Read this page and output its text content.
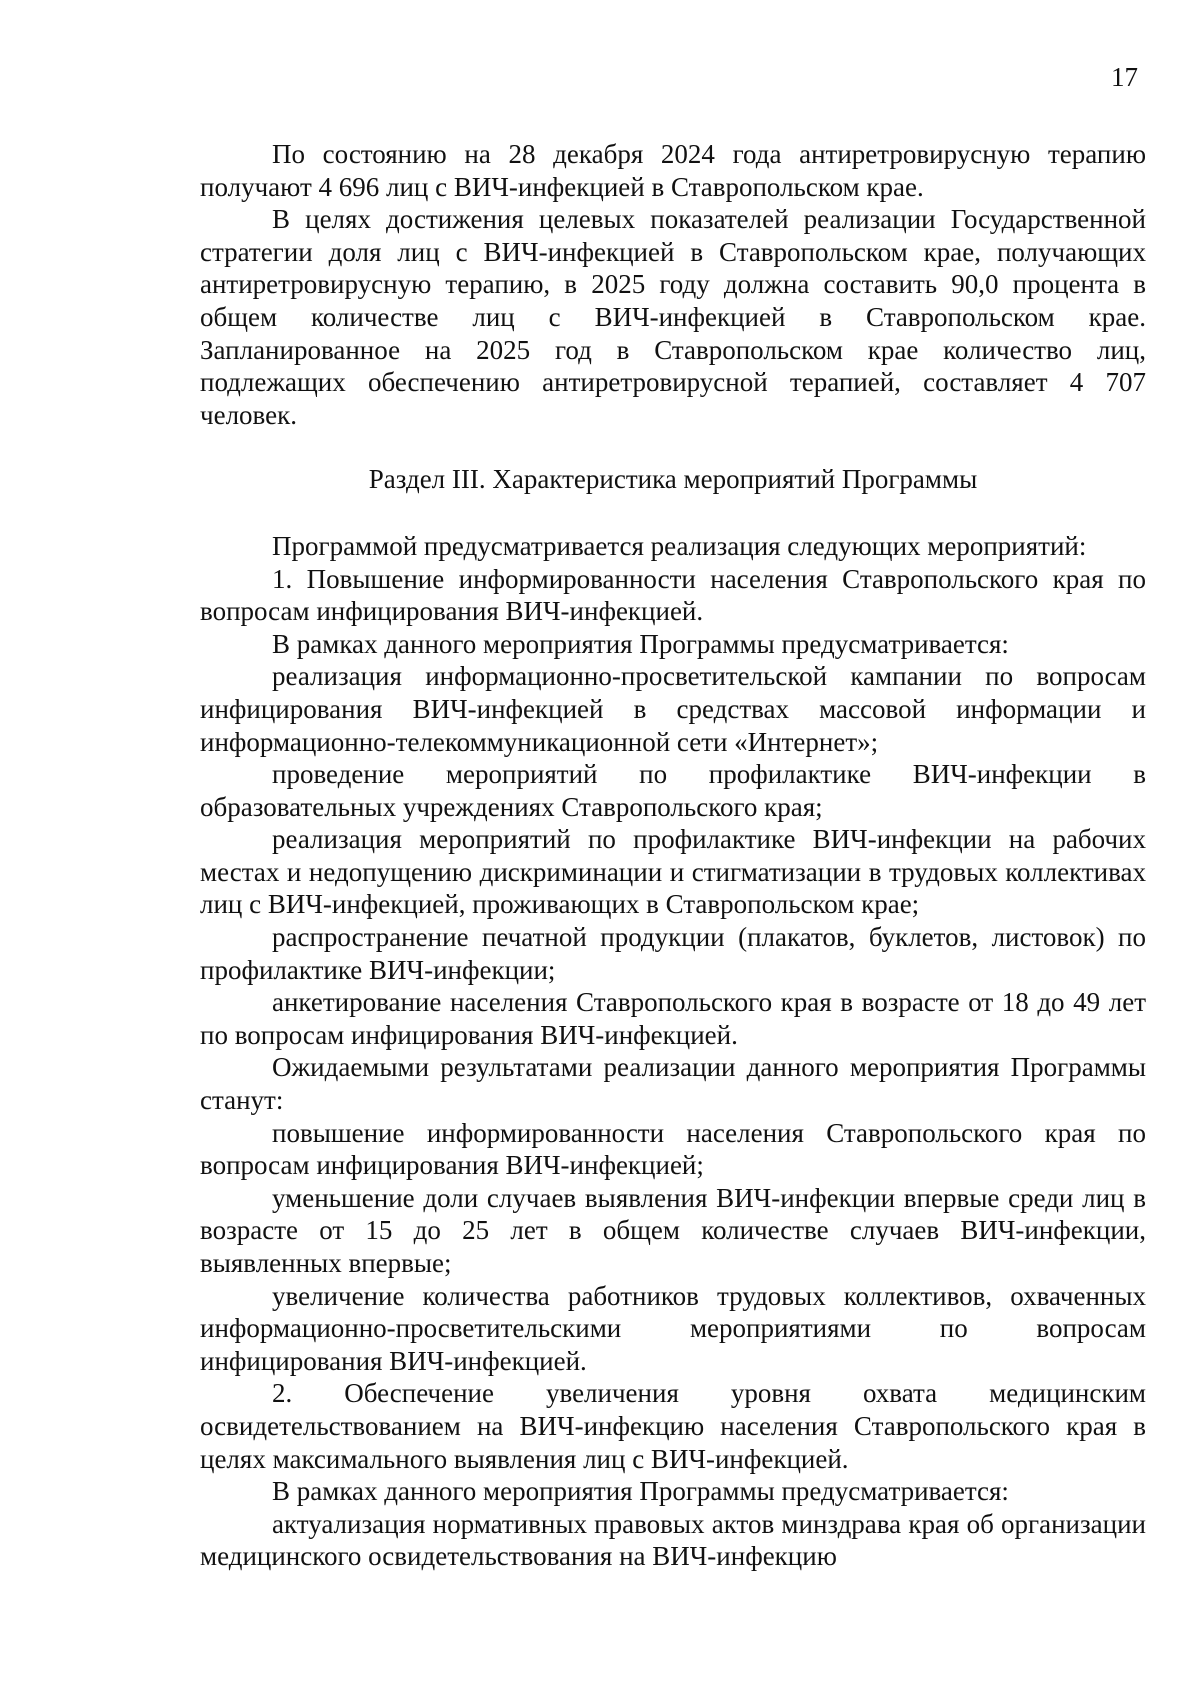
17

По состоянию на 28 декабря 2024 года антиретровирусную терапию получают 4 696 лиц с ВИЧ-инфекцией в Ставропольском крае.

В целях достижения целевых показателей реализации Государственной стратегии доля лиц с ВИЧ-инфекцией в Ставропольском крае, получающих антиретровирусную терапию, в 2025 году должна составить 90,0 процента в общем количестве лиц с ВИЧ-инфекцией в Ставропольском крае. Запланированное на 2025 год в Ставропольском крае количество лиц, подлежащих обеспечению антиретровирусной терапией, составляет 4 707 человек.

Раздел III. Характеристика мероприятий Программы

Программой предусматривается реализация следующих мероприятий:

1. Повышение информированности населения Ставропольского края по вопросам инфицирования ВИЧ-инфекцией.

В рамках данного мероприятия Программы предусматривается:

реализация информационно-просветительской кампании по вопросам инфицирования ВИЧ-инфекцией в средствах массовой информации и информационно-телекоммуникационной сети «Интернет»;

проведение мероприятий по профилактике ВИЧ-инфекции в образовательных учреждениях Ставропольского края;

реализация мероприятий по профилактике ВИЧ-инфекции на рабочих местах и недопущению дискриминации и стигматизации в трудовых коллективах лиц с ВИЧ-инфекцией, проживающих в Ставропольском крае;

распространение печатной продукции (плакатов, буклетов, листовок) по профилактике ВИЧ-инфекции;

анкетирование населения Ставропольского края в возрасте от 18 до 49 лет по вопросам инфицирования ВИЧ-инфекцией.

Ожидаемыми результатами реализации данного мероприятия Программы станут:

повышение информированности населения Ставропольского края по вопросам инфицирования ВИЧ-инфекцией;

уменьшение доли случаев выявления ВИЧ-инфекции впервые среди лиц в возрасте от 15 до 25 лет в общем количестве случаев ВИЧ-инфекции, выявленных впервые;

увеличение количества работников трудовых коллективов, охваченных информационно-просветительскими мероприятиями по вопросам инфицирования ВИЧ-инфекцией.

2. Обеспечение увеличения уровня охвата медицинским освидетельствованием на ВИЧ-инфекцию населения Ставропольского края в целях максимального выявления лиц с ВИЧ-инфекцией.

В рамках данного мероприятия Программы предусматривается:

актуализация нормативных правовых актов минздрава края об организации медицинского освидетельствования на ВИЧ-инфекцию
